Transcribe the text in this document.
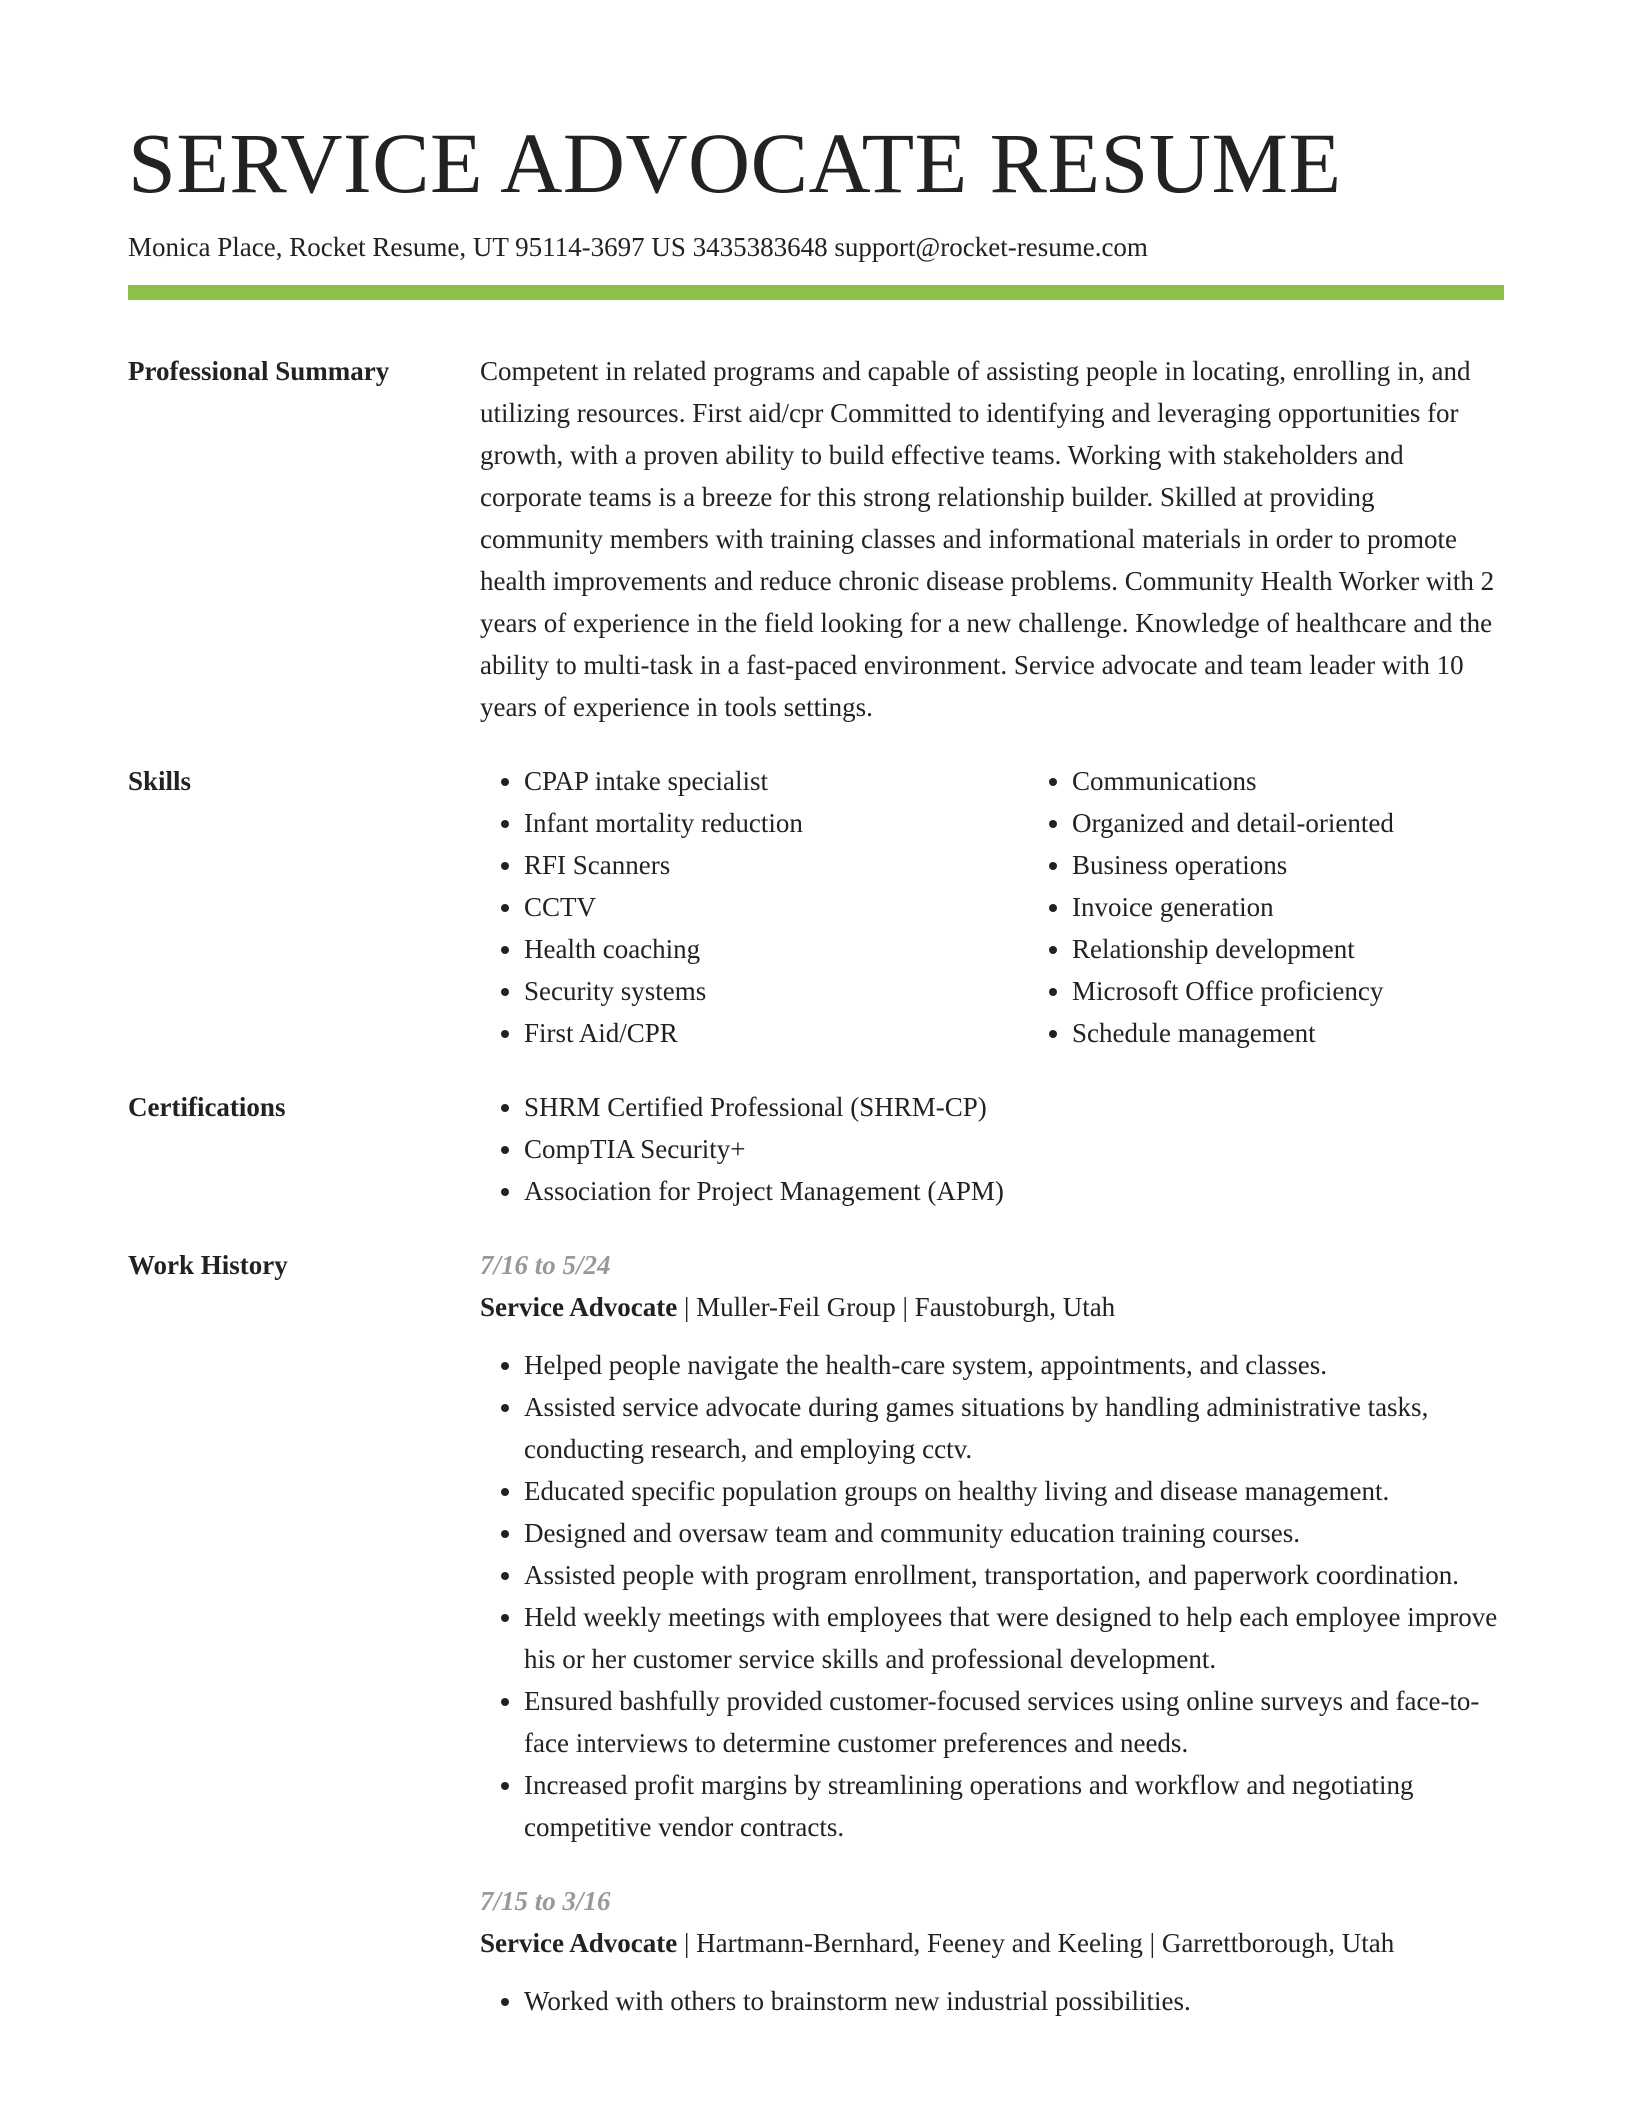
SERVICE ADVOCATE RESUME
Monica Place, Rocket Resume, UT 95114-3697 US 3435383648 support@rocket-resume.com
Professional Summary	Competent in related programs and capable of assisting people in locating, enrolling in, and utilizing resources. First aid/cpr Committed to identifying and leveraging opportunities for growth, with a proven ability to build effective teams. Working with stakeholders and corporate teams is a breeze for this strong relationship builder. Skilled at providing community members with training classes and informational materials in order to promote health improvements and reduce chronic disease problems. Community Health Worker with 2 years of experience in the field looking for a new challenge. Knowledge of healthcare and the ability to multi-task in a fast-paced environment. Service advocate and team leader with 10 years of experience in tools settings.
Skills	• CPAP intake specialist
• Infant mortality reduction
• RFI Scanners
• CCTV
• Health coaching
• Security systems
• First Aid/CPR
• Communications
• Organized and detail-oriented
• Business operations
• Invoice generation
• Relationship development
• Microsoft Office proficiency
• Schedule management
Certifications	• SHRM Certified Professional (SHRM-CP)
• CompTIA Security+
• Association for Project Management (APM)
Work History	7/16 to 5/24
Service Advocate | Muller-Feil Group | Faustoburgh, Utah
• Helped people navigate the health-care system, appointments, and classes.
• Assisted service advocate during games situations by handling administrative tasks, conducting research, and employing cctv.
• Educated specific population groups on healthy living and disease management.
• Designed and oversaw team and community education training courses.
• Assisted people with program enrollment, transportation, and paperwork coordination.
• Held weekly meetings with employees that were designed to help each employee improve his or her customer service skills and professional development.
• Ensured bashfully provided customer-focused services using online surveys and face-to-face interviews to determine customer preferences and needs.
• Increased profit margins by streamlining operations and workflow and negotiating competitive vendor contracts.
7/15 to 3/16
Service Advocate | Hartmann-Bernhard, Feeney and Keeling | Garrettborough, Utah
• Worked with others to brainstorm new industrial possibilities.
